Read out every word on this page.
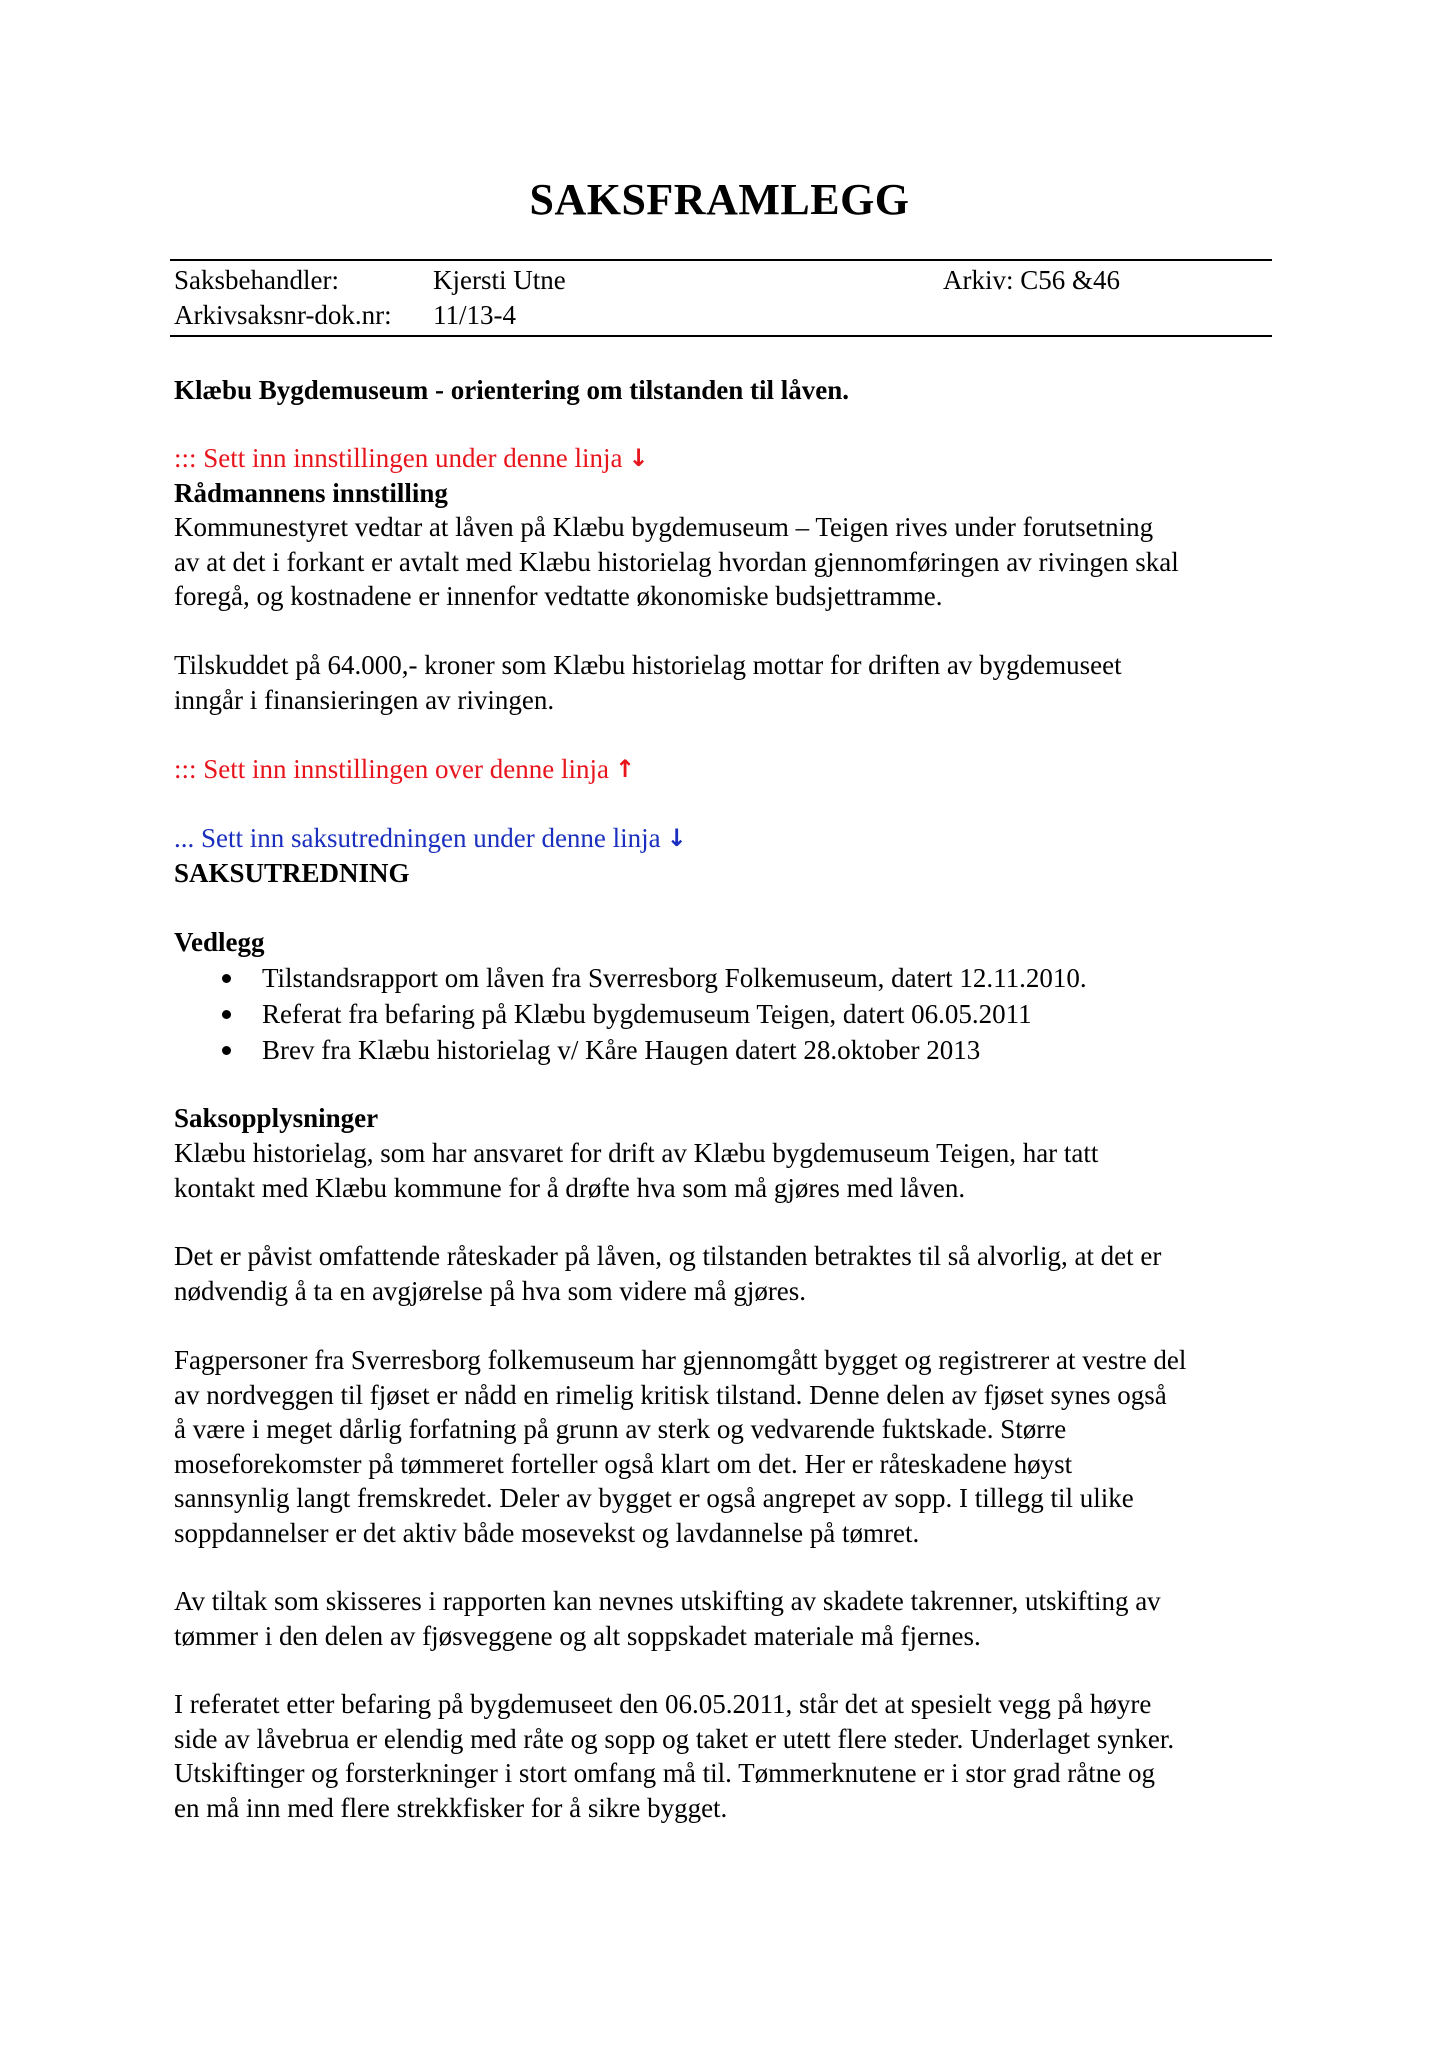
SAKSFRAMLEGG
Saksbehandler:	Kjersti Utne	Arkiv: C56 &46
Arkivsaksnr-dok.nr: 11/13-4
Klæbu Bygdemuseum - orientering om tilstanden til låven.
::: Sett inn innstillingen under denne linja ↓
Rådmannens innstilling
Kommunestyret vedtar at låven på Klæbu bygdemuseum – Teigen rives under forutsetning
av at det i forkant er avtalt med Klæbu historielag hvordan gjennomføringen av rivingen skal
foregå, og kostnadene er innenfor vedtatte økonomiske budsjettramme.
Tilskuddet på 64.000,- kroner som Klæbu historielag mottar for driften av bygdemuseet
inngår i finansieringen av rivingen.
::: Sett inn innstillingen over denne linja ↑
... Sett inn saksutredningen under denne linja ↓
SAKSUTREDNING
Vedlegg
Tilstandsrapport om låven fra Sverresborg Folkemuseum, datert 12.11.2010.
Referat fra befaring på Klæbu bygdemuseum Teigen, datert 06.05.2011
Brev fra Klæbu historielag v/ Kåre Haugen datert 28.oktober 2013
Saksopplysninger
Klæbu historielag, som har ansvaret for drift av Klæbu bygdemuseum Teigen, har tatt
kontakt med Klæbu kommune for å drøfte hva som må gjøres med låven.
Det er påvist omfattende råteskader på låven, og tilstanden betraktes til så alvorlig, at det er
nødvendig å ta en avgjørelse på hva som videre må gjøres.
Fagpersoner fra Sverresborg folkemuseum har gjennomgått bygget og registrerer at vestre del
av nordveggen til fjøset er nådd en rimelig kritisk tilstand. Denne delen av fjøset synes også
å være i meget dårlig forfatning på grunn av sterk og vedvarende fuktskade. Større
moseforekomster på tømmeret forteller også klart om det. Her er råteskadene høyst
sannsynlig langt fremskredet. Deler av bygget er også angrepet av sopp. I tillegg til ulike
soppdannelser er det aktiv både mosevekst og lavdannelse på tømret.
Av tiltak som skisseres i rapporten kan nevnes utskifting av skadete takrenner, utskifting av
tømmer i den delen av fjøsveggene og alt soppskadet materiale må fjernes.
I referatet etter befaring på bygdemuseet den 06.05.2011, står det at spesielt vegg på høyre
side av låvebrua er elendig med råte og sopp og taket er utett flere steder. Underlaget synker.
Utskiftinger og forsterkninger i stort omfang må til. Tømmerknutene er i stor grad råtne og
en må inn med flere strekkfisker for å sikre bygget.
